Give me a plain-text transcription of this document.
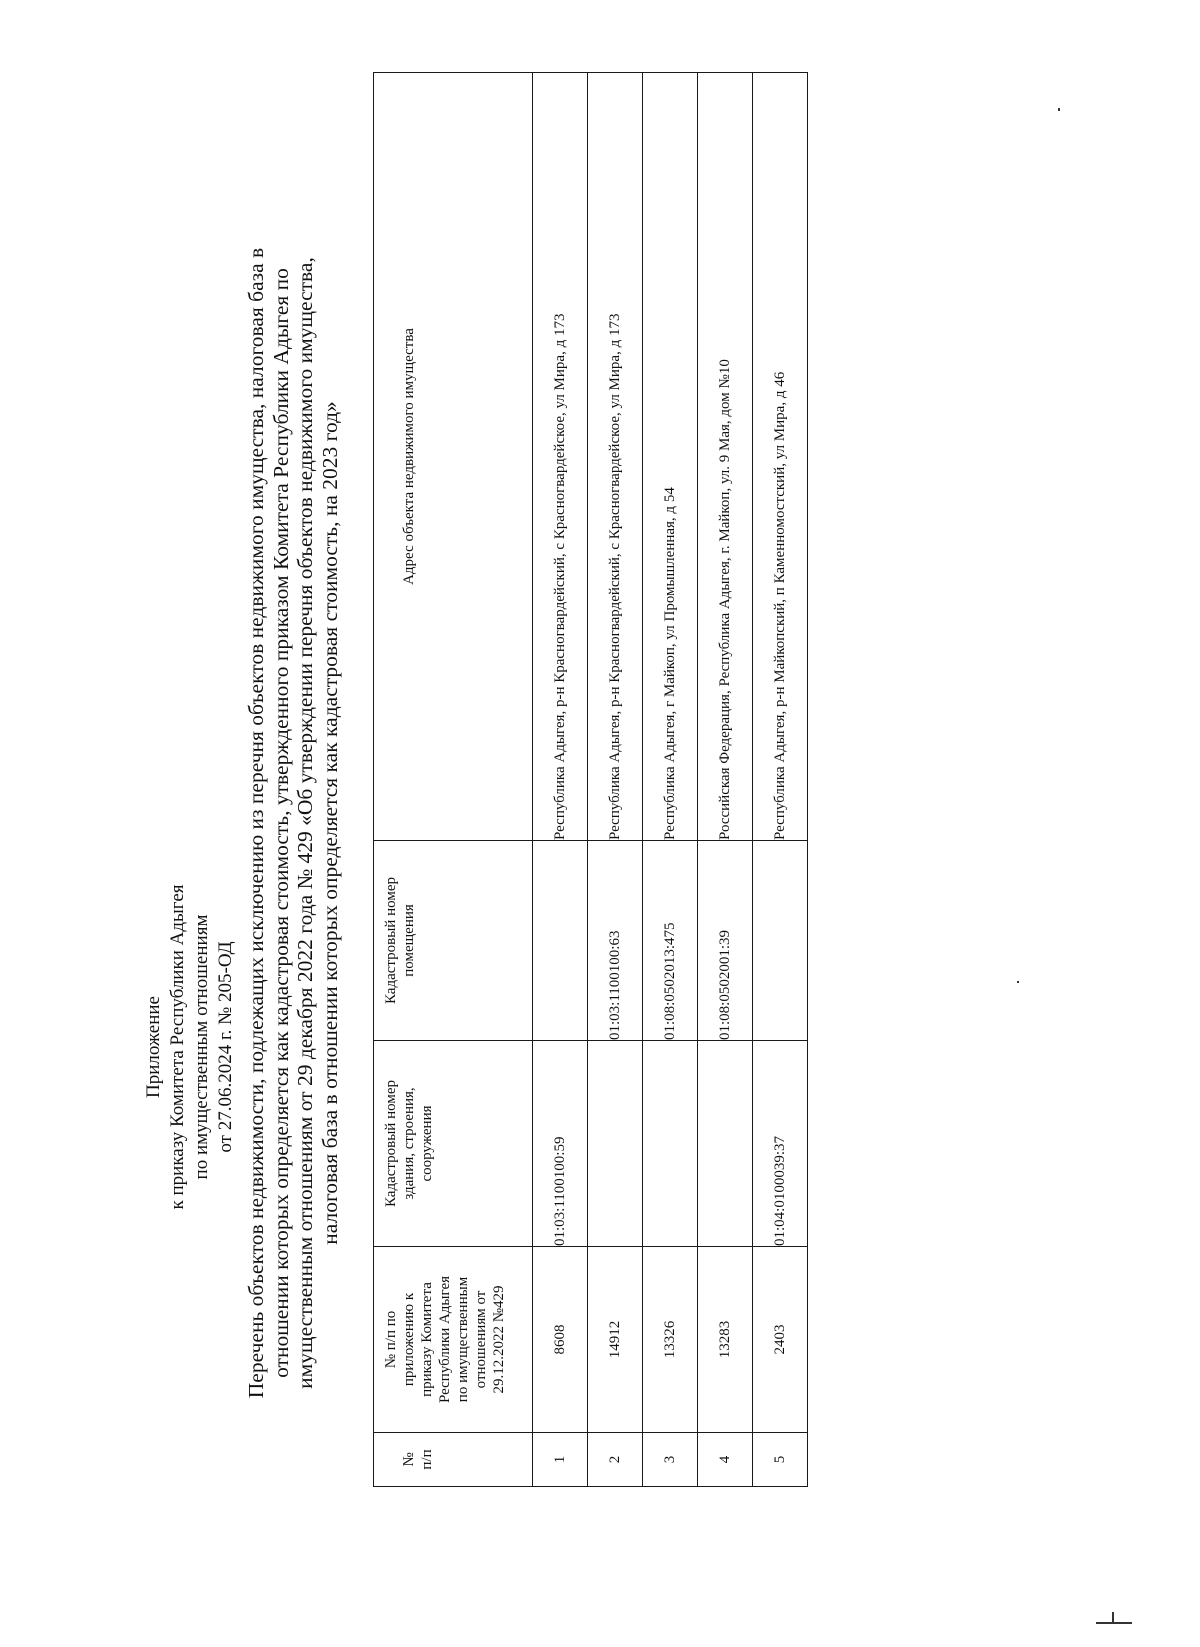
Приложение к приказу Комитета Республики Адыгея по имущественным отношениям от 27.06.2024 г. № 205-ОД Перечень объектов недвижимости, подлежащих исключению из перечня объектов недвижимого имущества, налоговая база в отношении которых определяется как кадастровая стоимость, утвержденного приказом Комитета Республики Адыгея по имущественным отношениям от 29 декабря 2022 года № 429 «Об утверждении перечня объектов недвижимого имущества, налоговая база в отношении которых определяется как кадастровая стоимость, на 2023 год»
№ п/п	№ п/п по приложению к приказу Комитета Республики Адыгея по имущественным отношениям от 29.12.2022 №429	Кадастровый номер здания, строения, сооружения	Кадастровый номер помещения	Адрес объекта недвижимого имущества

1	8608	01:03:1100100:59		Республика Адыгея, р-н Красногвардейский, с Красногвардейское, ул Мира, д 173
2	14912		01:03:1100100:63	Республика Адыгея, р-н Красногвардейский, с Красногвардейское, ул Мира, д 173
3	13326		01:08:0502013:475	Республика Адыгея, г Майкоп, ул Промышленная, д 54
4	13283		01:08:0502001:39	Российская Федерация, Республика Адыгея, г. Майкоп, ул. 9 Мая, дом №10
5	2403	01:04:0100039:37		Республика Адыгея, р-н Майкопский, п Каменномостский, ул Мира, д 46
